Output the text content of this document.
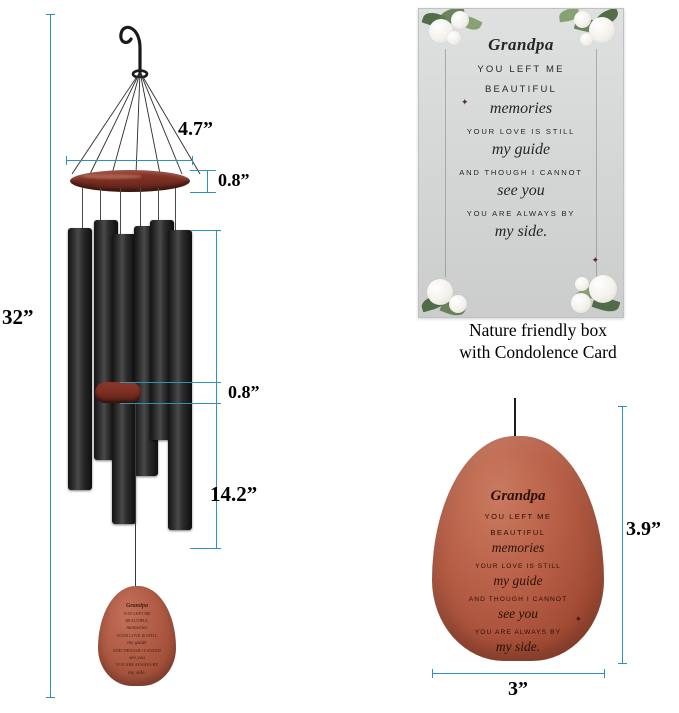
Grandpa
YOU LEFT ME
BEAUTIFUL
memories
YOUR LOVE IS STILL
my guide
AND THOUGH I CANNOT
see you
YOU ARE ALWAYS BY
my side.
32”
4.7”
0.8”
0.8”
14.2”
Grandpa
YOU LEFT ME
BEAUTIFUL
memories
YOUR LOVE IS STILL
my guide
AND THOUGH I CANNOT
see you
YOU ARE ALWAYS BY
my side.
✦
✦
Nature friendly box
with Condolence Card
Grandpa
YOU LEFT ME
BEAUTIFUL
memories
YOUR LOVE IS STILL
my guide
AND THOUGH I CANNOT
see you
YOU ARE ALWAYS BY
my side.
✦
3.9”
3”
